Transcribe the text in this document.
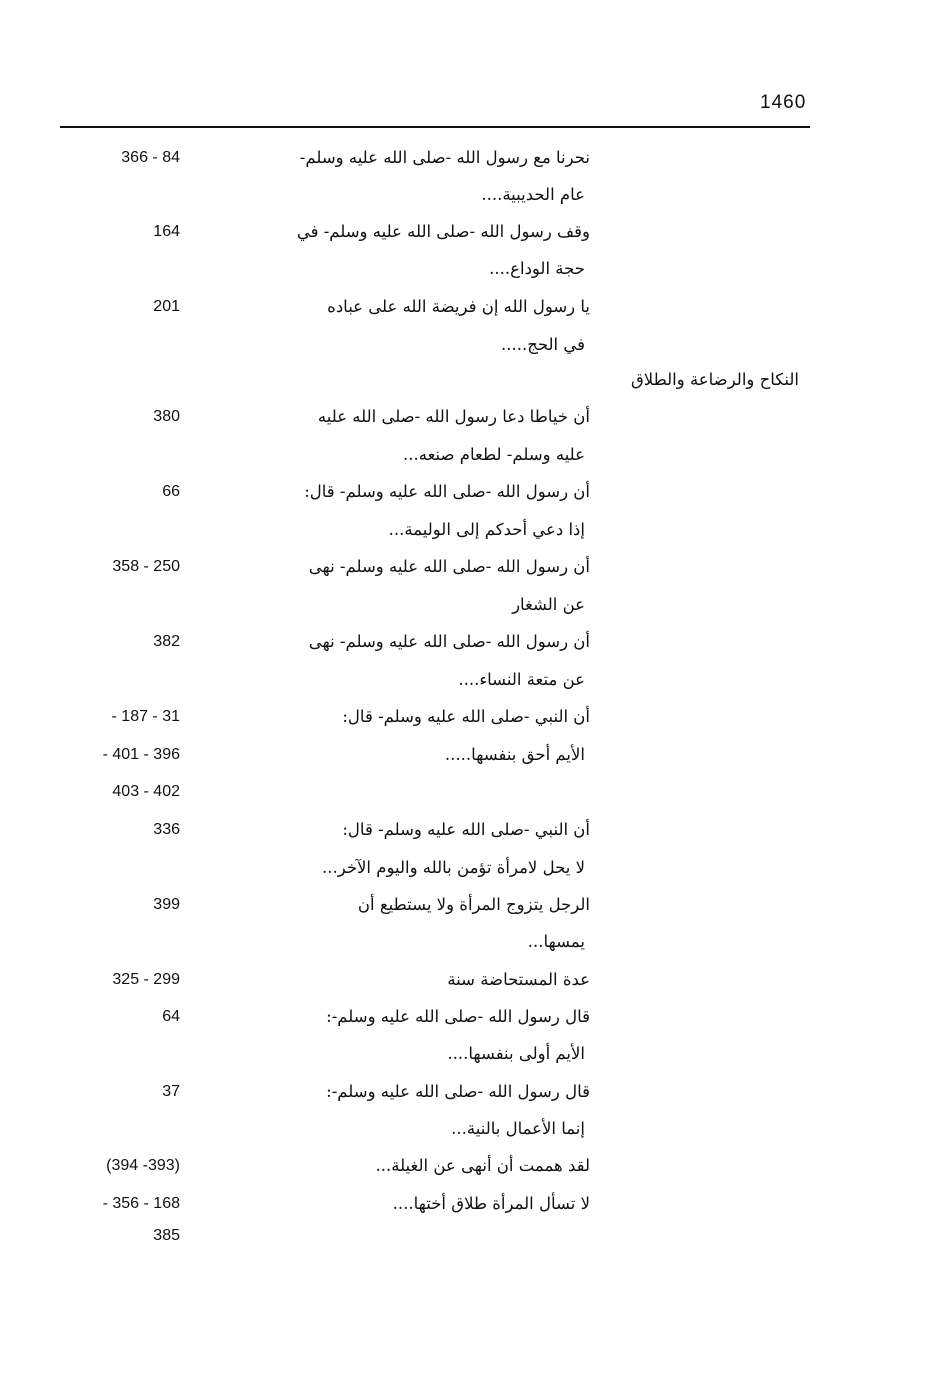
1460
نحرنا مع رسول الله -صلى الله عليه وسلم-
عام الحديبية....
366 - 84
وقف رسول الله -صلى الله عليه وسلم- في
حجة الوداع....
164
يا رسول الله إن فريضة الله على عباده
في الحج.....
201
النكاح والرضاعة والطلاق
أن خياطا دعا رسول الله -صلى الله عليه
عليه وسلم- لطعام صنعه...
380
أن رسول الله -صلى الله عليه وسلم- قال:
إذا دعي أحدكم إلى الوليمة...
66
أن رسول الله -صلى الله عليه وسلم- نهى
عن الشغار
358 - 250
أن رسول الله -صلى الله عليه وسلم- نهى
عن متعة النساء....
382
أن النبي -صلى الله عليه وسلم- قال:
الأيم أحق بنفسها.....
- 187 - 31
- 401 - 396
403 - 402
أن النبي -صلى الله عليه وسلم- قال:
لا يحل لامرأة تؤمن بالله واليوم الآخر...
336
الرجل يتزوج المرأة ولا يستطيع أن
يمسها...
399
عدة المستحاضة سنة
325 - 299
قال رسول الله -صلى الله عليه وسلم-:
الأيم أولى بنفسها....
64
قال رسول الله -صلى الله عليه وسلم-:
إنما الأعمال بالنية...
37
لقد هممت أن أنهى عن الغيلة...
(394 -393)
لا تسأل المرأة طلاق أختها....
- 356 - 168
385
